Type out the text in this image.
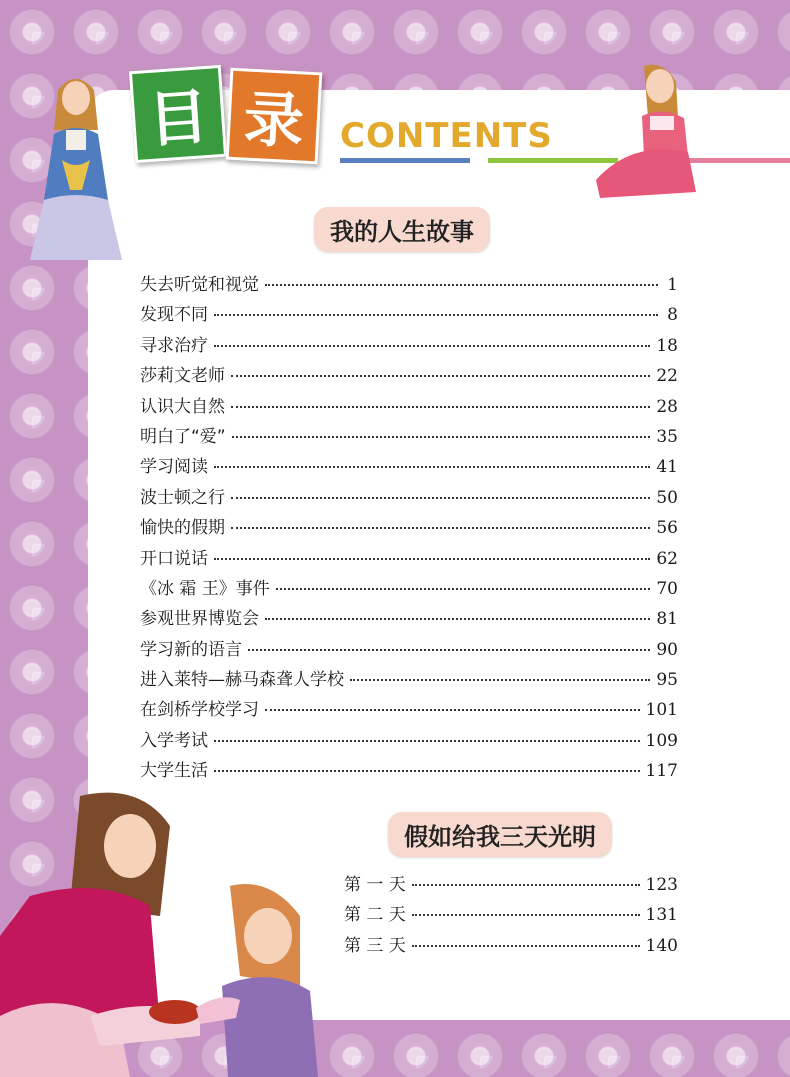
目 录	CONTENTS
我的人生故事
失去听觉和视觉	1
发现不同	8
寻求治疗	18
莎莉文老师	22
认识大自然	28
明白了“爱”	35
学习阅读	41
波士顿之行	50
愉快的假期	56
开口说话	62
《冰 霜 王》事件	70
参观世界博览会	81
学习新的语言	90
进入莱特—赫马森聋人学校	95
在剑桥学校学习	101
入学考试	109
大学生活	117
假如给我三天光明
第 一 天	123
第 二 天	131
第 三 天	140
